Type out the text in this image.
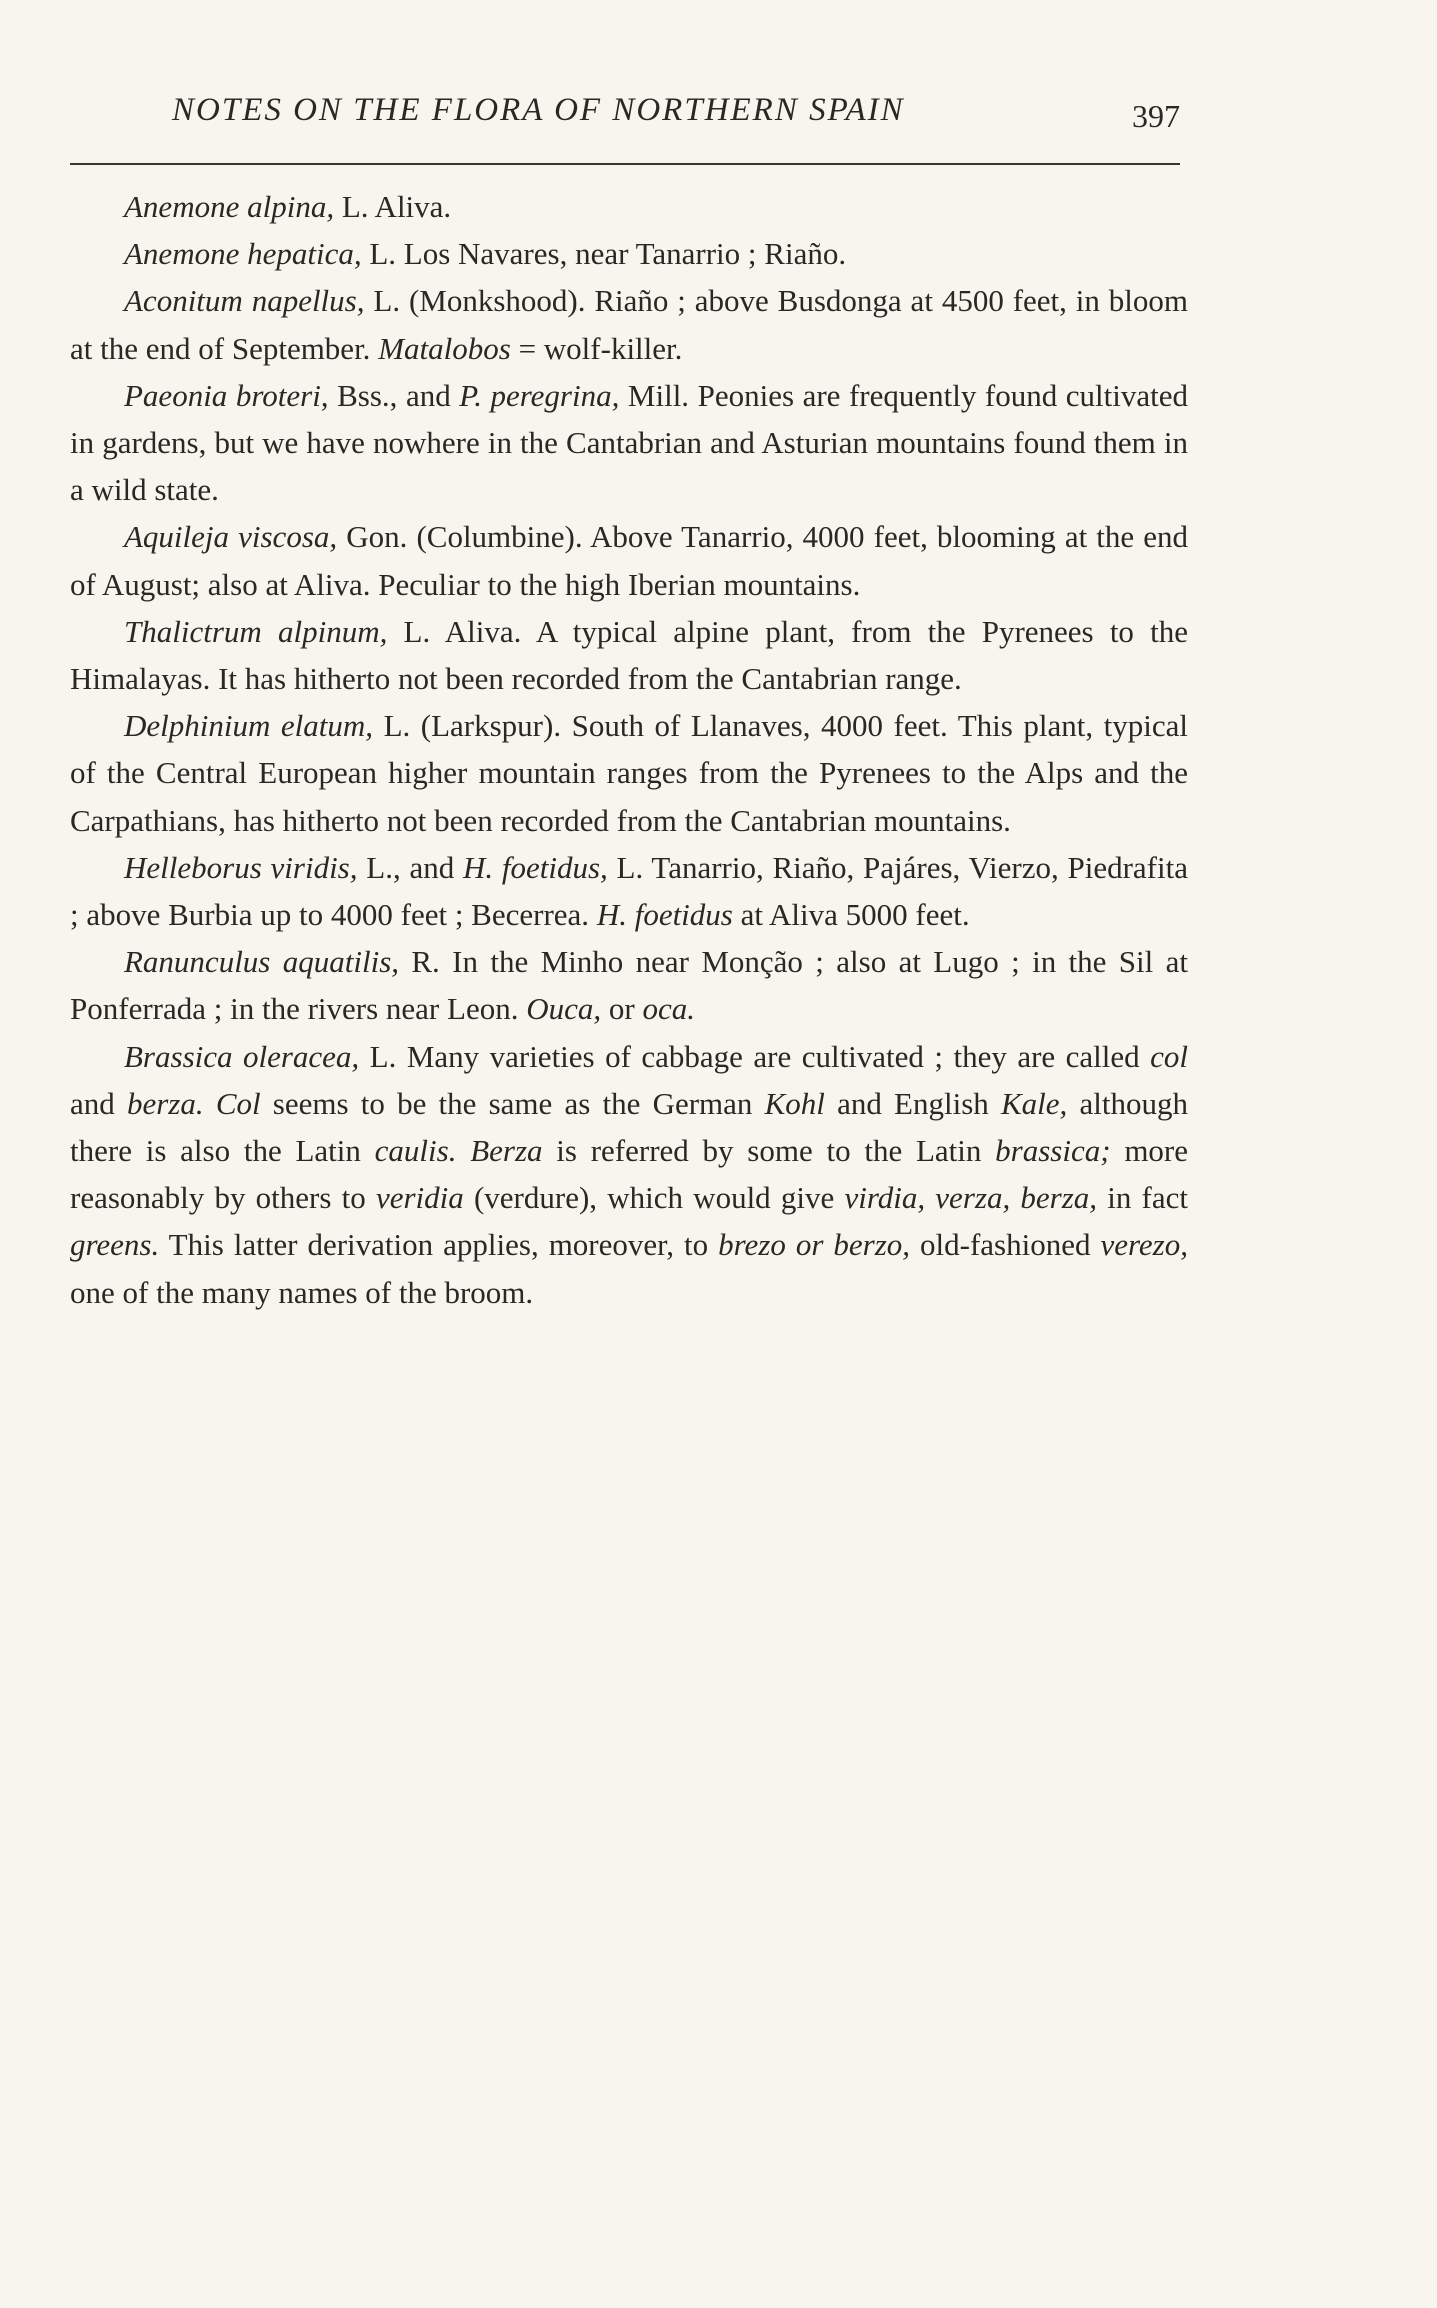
NOTES ON THE FLORA OF NORTHERN SPAIN	397

Anemone alpina, L. Aliva.

Anemone hepatica, L. Los Navares, near Tanarrio ; Riaño.

Aconitum napellus, L. (Monkshood). Riaño ; above Busdonga at 4500 feet, in bloom at the end of September. Matalobos = wolf-killer.

Paeonia broteri, Bss., and P. peregrina, Mill. Peonies are frequently found cultivated in gardens, but we have nowhere in the Cantabrian and Asturian mountains found them in a wild state.

Aquileja viscosa, Gon. (Columbine). Above Tanarrio, 4000 feet, blooming at the end of August; also at Aliva. Peculiar to the high Iberian mountains.

Thalictrum alpinum, L. Aliva. A typical alpine plant, from the Pyrenees to the Himalayas. It has hitherto not been recorded from the Cantabrian range.

Delphinium elatum, L. (Larkspur). South of Llanaves, 4000 feet. This plant, typical of the Central European higher mountain ranges from the Pyrenees to the Alps and the Carpathians, has hitherto not been recorded from the Cantabrian mountains.

Helleborus viridis, L., and H. foetidus, L. Tanarrio, Riaño, Pajáres, Vierzo, Piedrafita ; above Burbia up to 4000 feet ; Becerrea. H. foetidus at Aliva 5000 feet.

Ranunculus aquatilis, R. In the Minho near Monção ; also at Lugo ; in the Sil at Ponferrada ; in the rivers near Leon. Ouca, or oca.

Brassica oleracea, L. Many varieties of cabbage are cultivated ; they are called col and berza. Col seems to be the same as the German Kohl and English Kale, although there is also the Latin caulis. Berza is referred by some to the Latin brassica; more reasonably by others to veridia (verdure), which would give virdia, verza, berza, in fact greens. This latter derivation applies, moreover, to brezo or berzo, old-fashioned verezo, one of the many names of the broom.
